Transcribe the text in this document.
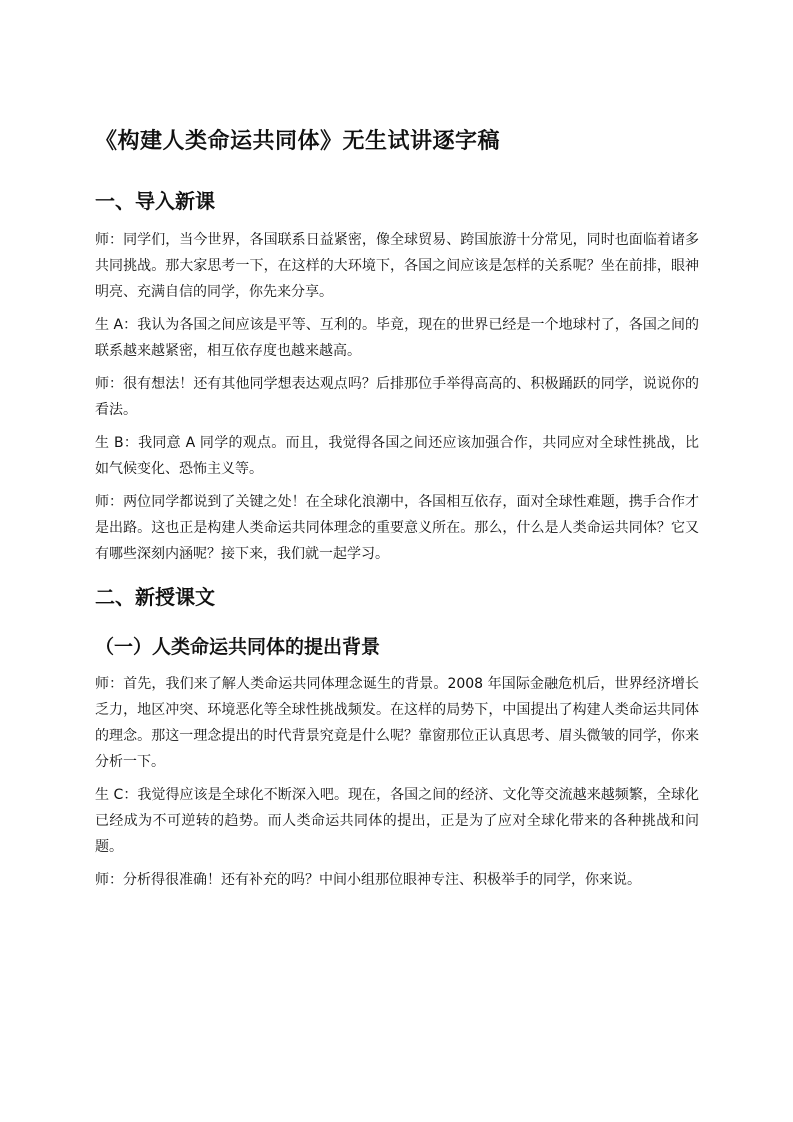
《构建人类命运共同体》无生试讲逐字稿
一、导入新课

师：同学们，当今世界，各国联系日益紧密，像全球贸易、跨国旅游十分常见，同时也面临着诸多共同挑战。那大家思考一下，在这样的大环境下，各国之间应该是怎样的关系呢？坐在前排，眼神明亮、充满自信的同学，你先来分享。

生 A：我认为各国之间应该是平等、互利的。毕竟，现在的世界已经是一个地球村了，各国之间的联系越来越紧密，相互依存度也越来越高。

师：很有想法！还有其他同学想表达观点吗？后排那位手举得高高的、积极踊跃的同学，说说你的看法。

生 B：我同意 A 同学的观点。而且，我觉得各国之间还应该加强合作，共同应对全球性挑战，比如气候变化、恐怖主义等。

师：两位同学都说到了关键之处！在全球化浪潮中，各国相互依存，面对全球性难题，携手合作才是出路。这也正是构建人类命运共同体理念的重要意义所在。那么，什么是人类命运共同体？它又有哪些深刻内涵呢？接下来，我们就一起学习。

二、新授课文
（一）人类命运共同体的提出背景

师：首先，我们来了解人类命运共同体理念诞生的背景。2008 年国际金融危机后，世界经济增长乏力，地区冲突、环境恶化等全球性挑战频发。在这样的局势下，中国提出了构建人类命运共同体的理念。那这一理念提出的时代背景究竟是什么呢？靠窗那位正认真思考、眉头微皱的同学，你来分析一下。

生 C：我觉得应该是全球化不断深入吧。现在，各国之间的经济、文化等交流越来越频繁，全球化已经成为不可逆转的趋势。而人类命运共同体的提出，正是为了应对全球化带来的各种挑战和问题。

师：分析得很准确！还有补充的吗？中间小组那位眼神专注、积极举手的同学，你来说。
